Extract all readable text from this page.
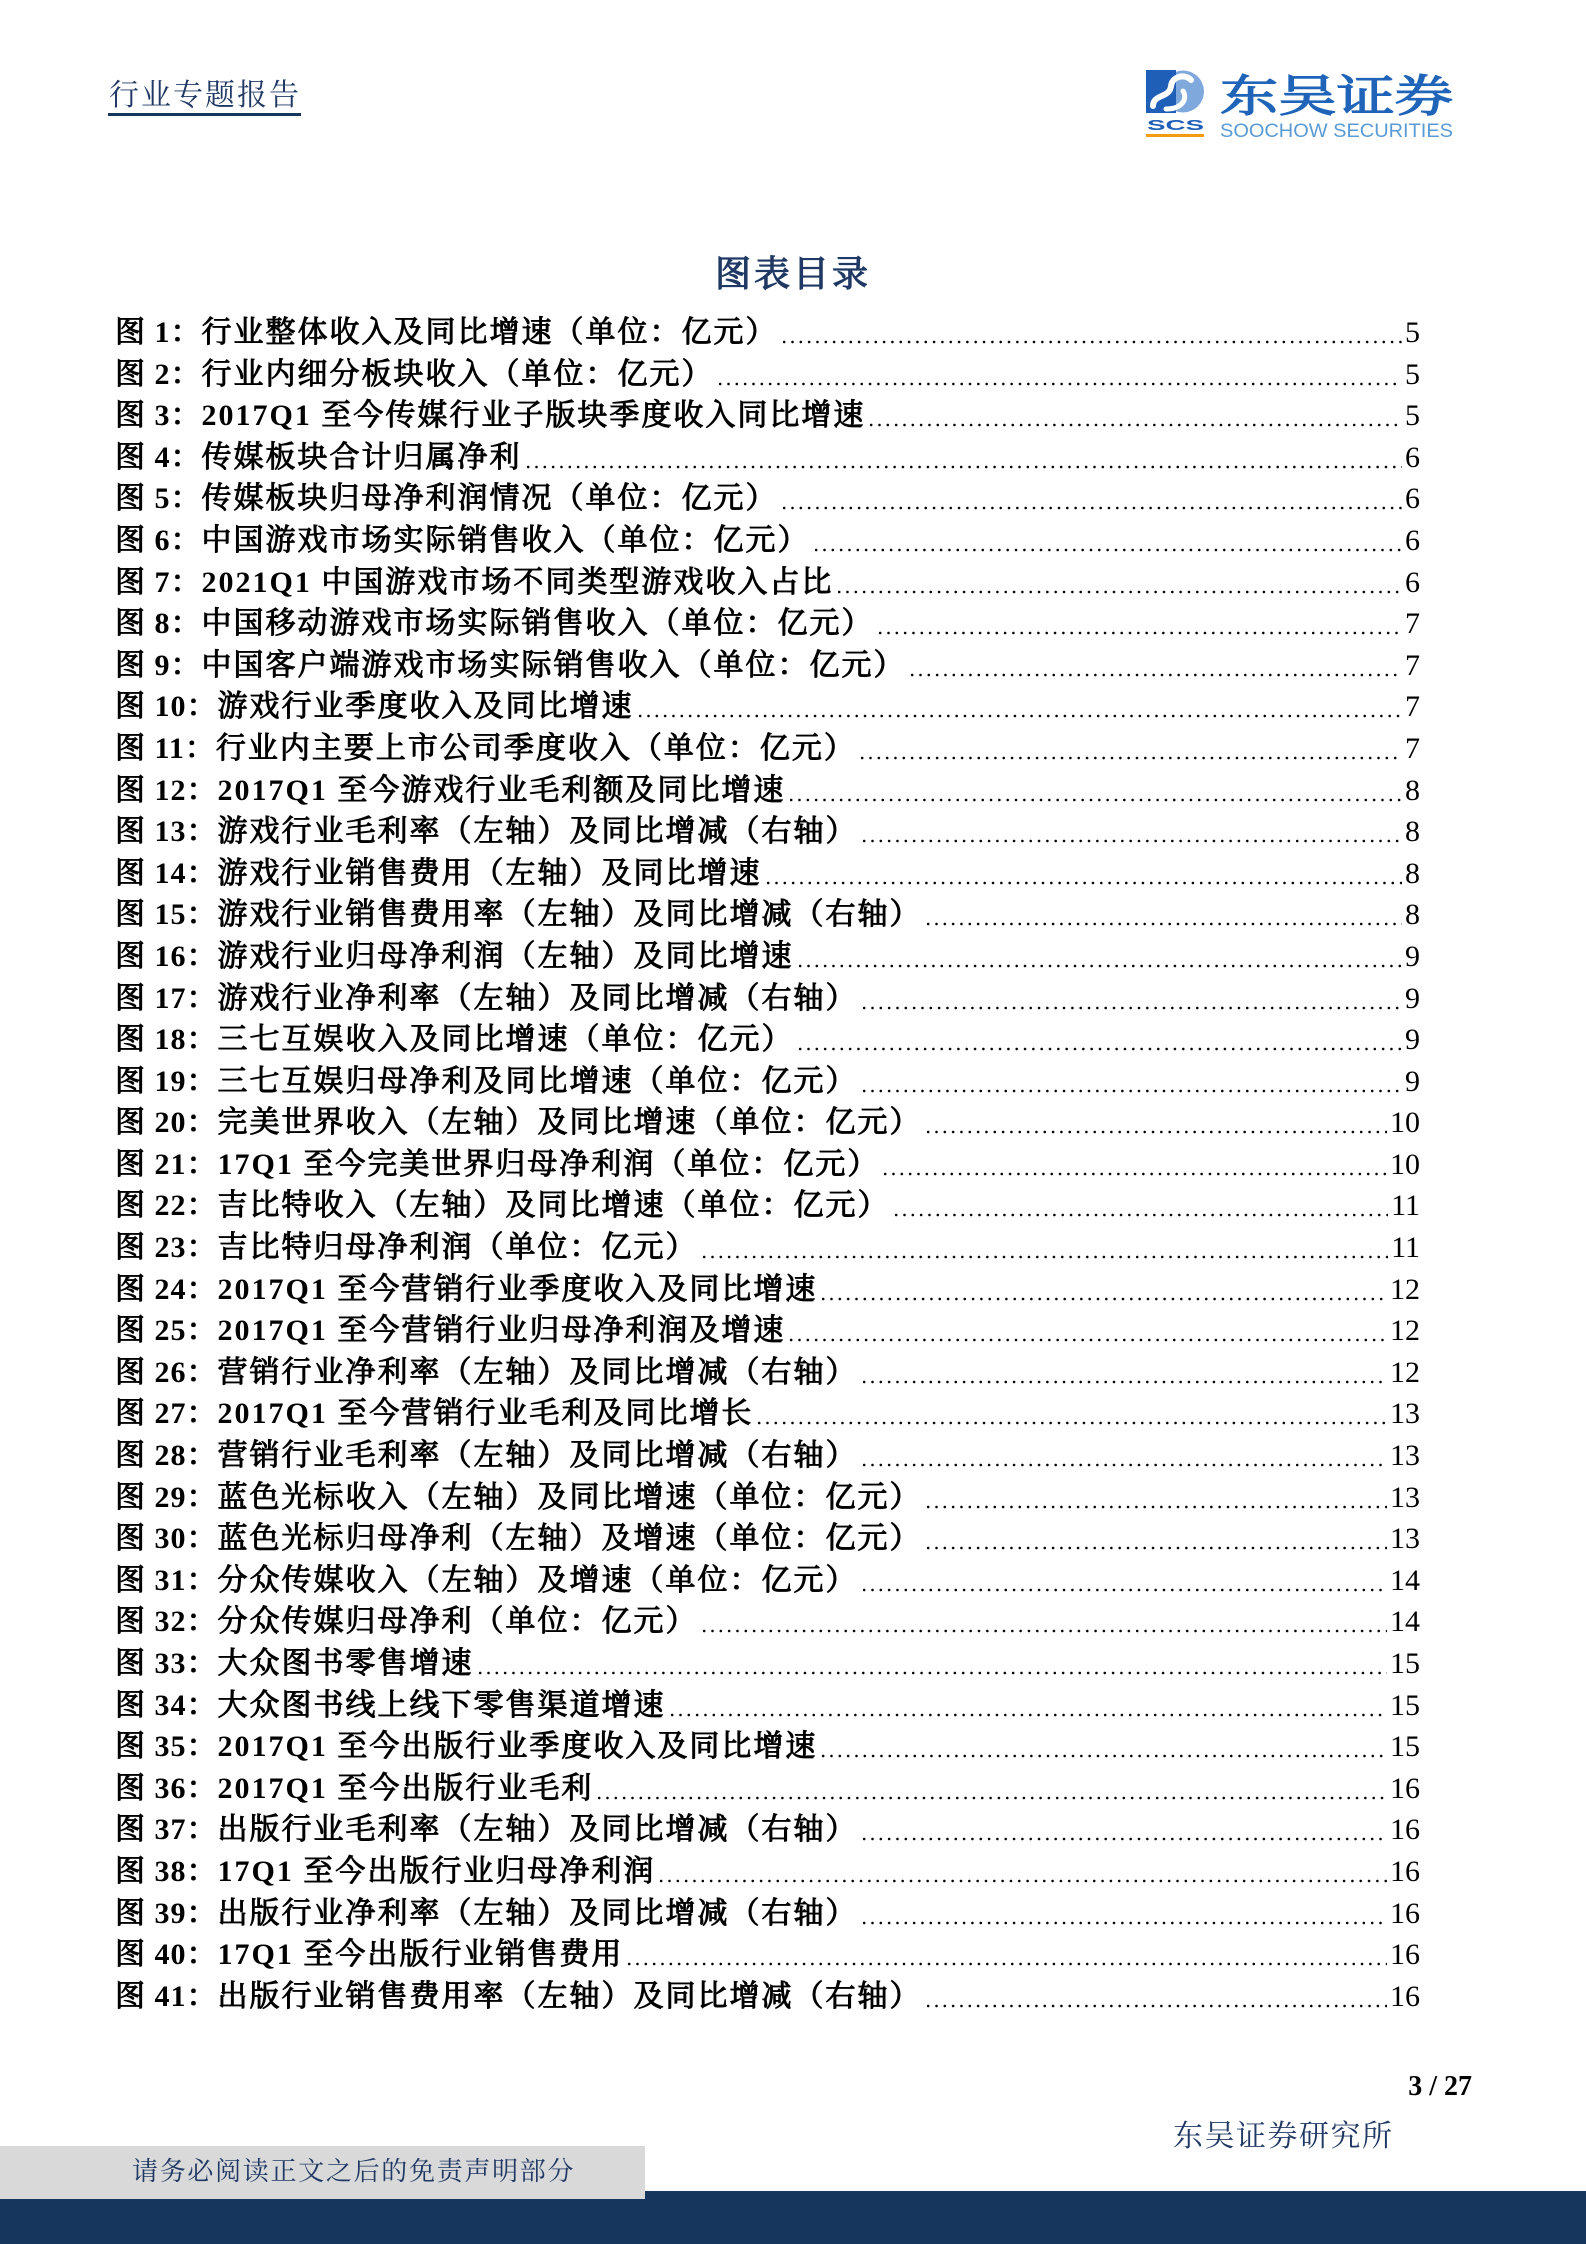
行业专题报告
SCS
东吴证券
SOOCHOW SECURITIES
图表目录
图 1： 行业整体收入及同比增速（单位：亿元）	5
图 2： 行业内细分板块收入（单位：亿元）	5
图 3： 2017Q1 至今传媒行业子版块季度收入同比增速	5
图 4： 传媒板块合计归属净利	6
图 5： 传媒板块归母净利润情况（单位：亿元）	6
图 6： 中国游戏市场实际销售收入（单位：亿元）	6
图 7： 2021Q1 中国游戏市场不同类型游戏收入占比	6
图 8： 中国移动游戏市场实际销售收入（单位：亿元）	7
图 9： 中国客户端游戏市场实际销售收入（单位：亿元）	7
图 10： 游戏行业季度收入及同比增速	7
图 11： 行业内主要上市公司季度收入（单位：亿元）	7
图 12： 2017Q1 至今游戏行业毛利额及同比增速	8
图 13： 游戏行业毛利率（左轴）及同比增减（右轴）	8
图 14： 游戏行业销售费用（左轴）及同比增速	8
图 15： 游戏行业销售费用率（左轴）及同比增减（右轴）	8
图 16： 游戏行业归母净利润（左轴）及同比增速	9
图 17： 游戏行业净利率（左轴）及同比增减（右轴）	9
图 18： 三七互娱收入及同比增速（单位：亿元）	9
图 19： 三七互娱归母净利及同比增速（单位：亿元）	9
图 20： 完美世界收入（左轴）及同比增速（单位：亿元）	10
图 21： 17Q1 至今完美世界归母净利润（单位：亿元）	10
图 22： 吉比特收入（左轴）及同比增速（单位：亿元）	11
图 23： 吉比特归母净利润（单位：亿元）	11
图 24： 2017Q1 至今营销行业季度收入及同比增速	12
图 25： 2017Q1 至今营销行业归母净利润及增速	12
图 26： 营销行业净利率（左轴）及同比增减（右轴）	12
图 27： 2017Q1 至今营销行业毛利及同比增长	13
图 28： 营销行业毛利率（左轴）及同比增减（右轴）	13
图 29： 蓝色光标收入（左轴）及同比增速（单位：亿元）	13
图 30： 蓝色光标归母净利（左轴）及增速（单位：亿元）	13
图 31： 分众传媒收入（左轴）及增速（单位：亿元）	14
图 32： 分众传媒归母净利（单位：亿元）	14
图 33： 大众图书零售增速	15
图 34： 大众图书线上线下零售渠道增速	15
图 35： 2017Q1 至今出版行业季度收入及同比增速	15
图 36： 2017Q1 至今出版行业毛利	16
图 37： 出版行业毛利率（左轴）及同比增减（右轴）	16
图 38： 17Q1 至今出版行业归母净利润	16
图 39： 出版行业净利率（左轴）及同比增减（右轴）	16
图 40： 17Q1 至今出版行业销售费用	16
图 41： 出版行业销售费用率（左轴）及同比增减（右轴）	16
3 / 27
东吴证券研究所
请务必阅读正文之后的免责声明部分
